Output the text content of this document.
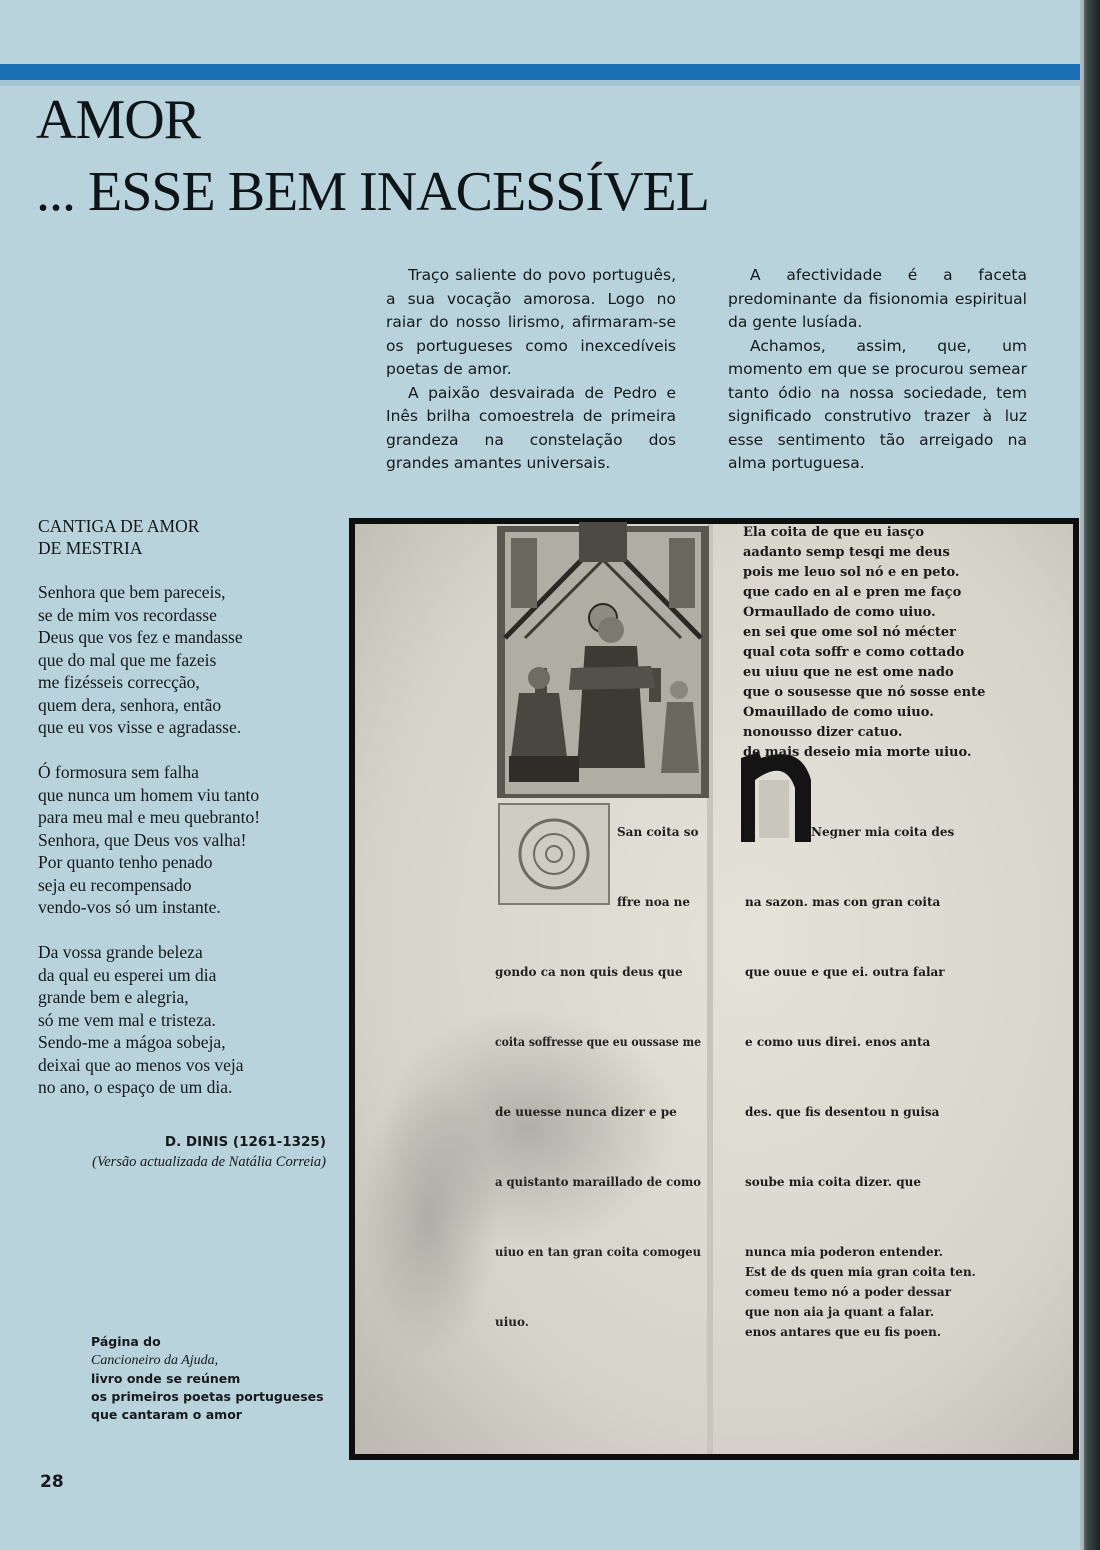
AMOR
... ESSE BEM INACESSÍVEL

Traço saliente do povo português, a sua vocação amorosa. Logo no raiar do nosso lirismo, afirmaram-se os portugueses como inexcedíveis poetas de amor.

A paixão desvairada de Pedro e Inês brilha comoestrela de primeira grandeza na constelação dos grandes amantes universais.

A afectividade é a faceta predominante da fisionomia espiritual da gente lusíada.

Achamos, assim, que, um momento em que se procurou semear tanto ódio na nossa sociedade, tem significado construtivo trazer à luz esse sentimento tão arreigado na alma portuguesa.

CANTIGA DE AMOR
DE MESTRIA
Senhora que bem pareceis,
se de mim vos recordasse
Deus que vos fez e mandasse
que do mal que me fazeis
me fizésseis correcção,
quem dera, senhora, então
que eu vos visse e agradasse.
Ó formosura sem falha
que nunca um homem viu tanto
para meu mal e meu quebranto!
Senhora, que Deus vos valha!
Por quanto tenho penado
seja eu recompensado
vendo-vos só um instante.
Da vossa grande beleza
da qual eu esperei um dia
grande bem e alegria,
só me vem mal e tristeza.
Sendo-me a mágoa sobeja,
deixai que ao menos vos veja
no ano, o espaço de um dia.
D. DINIS (1261-1325)
(Versão actualizada de Natália Correia)
Página do
Cancioneiro da Ajuda,
livro onde se reúnem
os primeiros poetas portugueses
que cantaram o amor
28
Ela coita de que eu iasço
aadanto semp tesqi me deus
pois me leuo sol nó e en peto.
que cado en al e pren me faço
Ormaullado de como uiuo.
en sei que ome sol nó mécter
qual cota soffr e como cottado
eu uiuu que ne est ome nado
que o sousesse que nó sosse ente
Omauillado de como uiuo.
nonousso dizer catuo.
de mais deseio mia morte uiuo.
San coita so
ffre noa ne
gondo ca non quis deus que
coita soffresse que eu oussase me
de uuesse nunca dizer e pe
a quistanto maraillado de como
uiuo en tan gran coita comogeu
uiuo.
Negner mia coita des
na sazon. mas con gran coita
que ouue e que ei. outra falar
e como uus direi. enos anta
des. que fis desentou n guisa
soube mia coita dizer. que
nunca mia poderon entender.
Est de ds quen mia gran coita ten.
comeu temo nó a poder dessar
que non aia ja quant a falar.
enos antares que eu fis poen.
